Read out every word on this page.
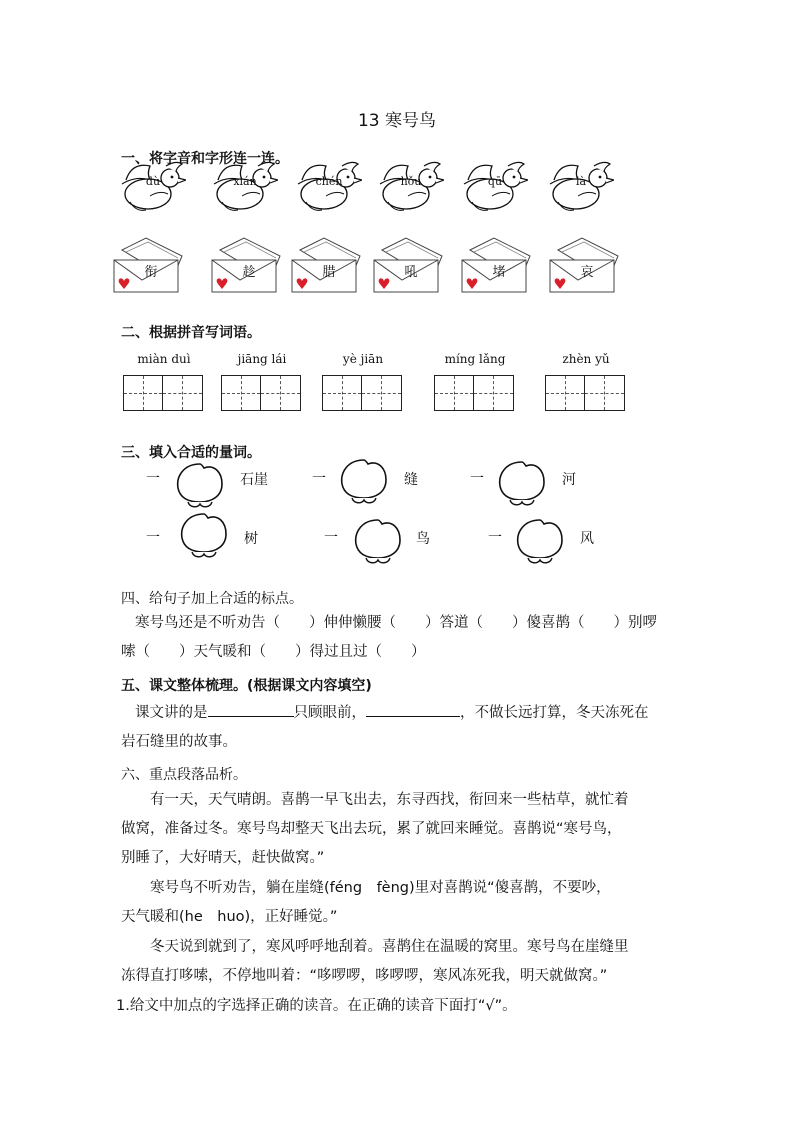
13 寒号鸟
一、将字音和字形连一连。
dù	xián	chén	hǒu	qū	là
衔	趁	腊	吼	堵	哀
二、根据拼音写词语。
miàn duì	jiāng lái	yè jiān	míng lǎng	zhèn yǔ
三、填入合适的量词。
一	石崖	一	缝	一	河
一	树	一	鸟	一	风
四、给句子加上合适的标点。
寒号鸟还是不听劝告（　　）伸伸懒腰（　　）答道（　　）傻喜鹊（　　）别啰
嗦（　　）天气暖和（　　）得过且过（　　）
五、课文整体梳理。(根据课文内容填空)
课文讲的是	只顾眼前，	，不做长远打算，冬天冻死在
岩石缝里的故事。
六、重点段落品析。
有一天，天气晴朗。喜鹊一早飞出去，东寻西找，衔回来一些枯草，就忙着
做窝，准备过冬。寒号鸟却整天飞出去玩，累了就回来睡觉。喜鹊说“寒号鸟，
别睡了，大好晴天，赶快做窝。”
寒号鸟不听劝告，躺在崖缝(féng　fèng)里对喜鹊说“傻喜鹊，不要吵，
天气暖和(he　huo)，正好睡觉。”
冬天说到就到了，寒风呼呼地刮着。喜鹊住在温暖的窝里。寒号鸟在崖缝里
冻得直打哆嗦，不停地叫着：“哆啰啰，哆啰啰，寒风冻死我，明天就做窝。”
1.给文中加点的字选择正确的读音。在正确的读音下面打“√”。
